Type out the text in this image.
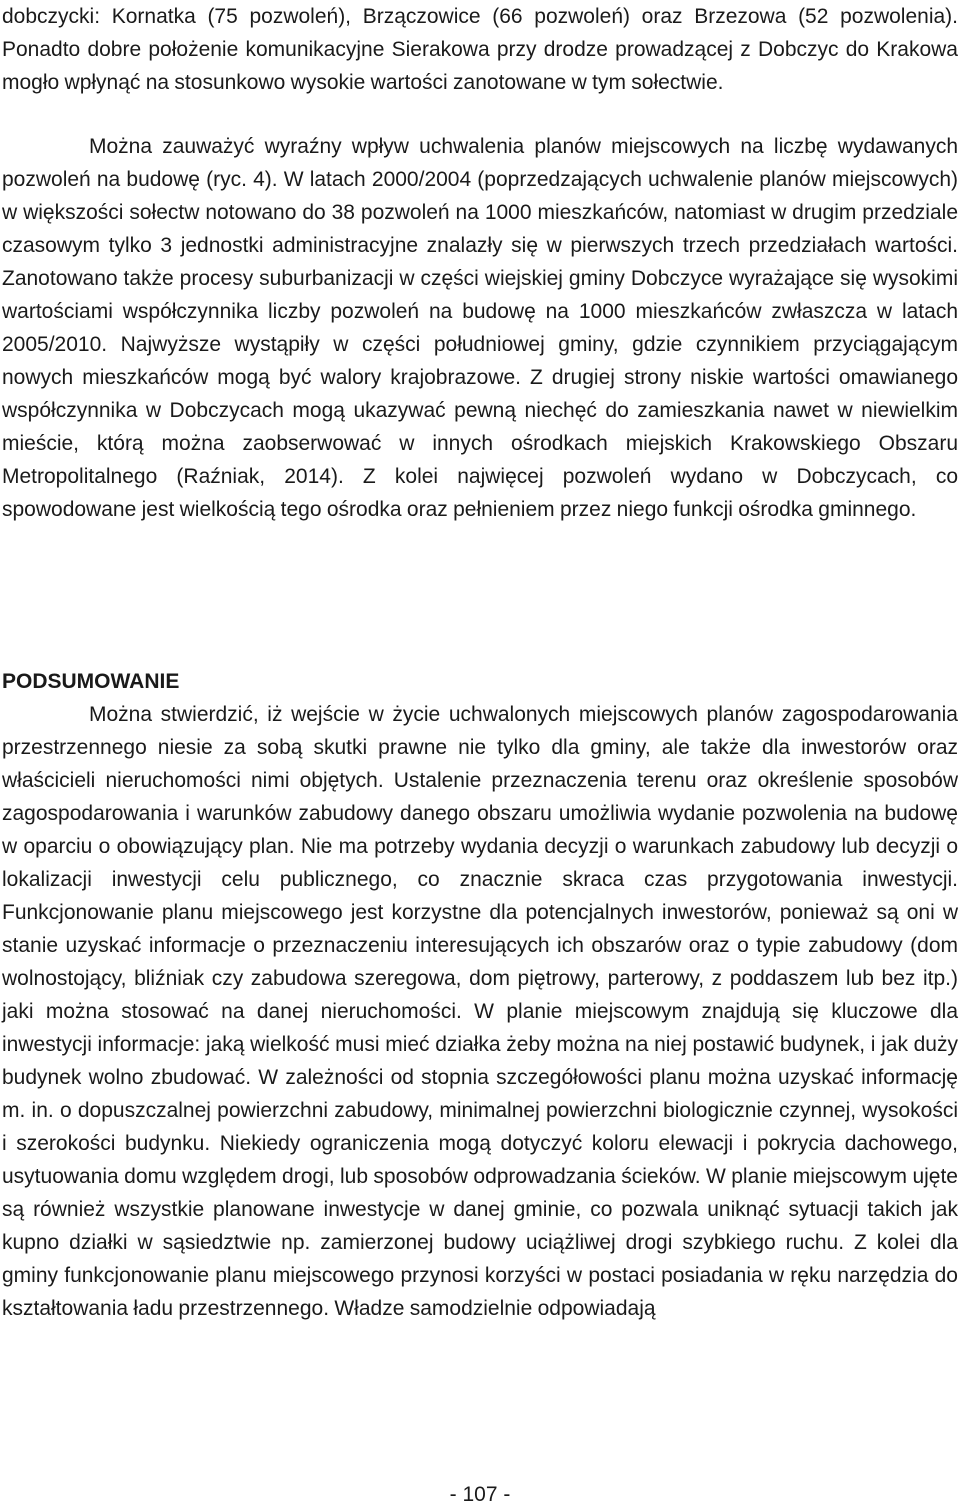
dobczycki: Kornatka (75 pozwoleń), Brzączowice (66 pozwoleń) oraz Brzezowa (52 pozwolenia). Ponadto dobre położenie komunikacyjne Sierakowa przy drodze prowadzącej z Dobczyc do Krakowa mogło wpłynąć na stosunkowo wysokie wartości zanotowane w tym sołectwie.

Można zauważyć wyraźny wpływ uchwalenia planów miejscowych na liczbę wydawanych pozwoleń na budowę (ryc. 4). W latach 2000/2004 (poprzedzających uchwalenie planów miejscowych) w większości sołectw notowano do 38 pozwoleń na 1000 mieszkańców, natomiast w drugim przedziale czasowym tylko 3 jednostki administracyjne znalazły się w pierwszych trzech przedziałach wartości. Zanotowano także procesy suburbanizacji w części wiejskiej gminy Dobczyce wyrażające się wysokimi wartościami współczynnika liczby pozwoleń na budowę na 1000 mieszkańców zwłaszcza w latach 2005/2010. Najwyższe wystąpiły w części południowej gminy, gdzie czynnikiem przyciągającym nowych mieszkańców mogą być walory krajobrazowe. Z drugiej strony niskie wartości omawianego współczynnika w Dobczycach mogą ukazywać pewną niechęć do zamieszkania nawet w niewielkim mieście, którą można zaobserwować w innych ośrodkach miejskich Krakowskiego Obszaru Metropolitalnego (Raźniak, 2014). Z kolei najwięcej pozwoleń wydano w Dobczycach, co spowodowane jest wielkością tego ośrodka oraz pełnieniem przez niego funkcji ośrodka gminnego.

PODSUMOWANIE

Można stwierdzić, iż wejście w życie uchwalonych miejscowych planów zagospodarowania przestrzennego niesie za sobą skutki prawne nie tylko dla gminy, ale także dla inwestorów oraz właścicieli nieruchomości nimi objętych. Ustalenie przeznaczenia terenu oraz określenie sposobów zagospodarowania i warunków zabudowy danego obszaru umożliwia wydanie pozwolenia na budowę w oparciu o obowiązujący plan. Nie ma potrzeby wydania decyzji o warunkach zabudowy lub decyzji o lokalizacji inwestycji celu publicznego, co znacznie skraca czas przygotowania inwestycji. Funkcjonowanie planu miejscowego jest korzystne dla potencjalnych inwestorów, ponieważ są oni w stanie uzyskać informacje o przeznaczeniu interesujących ich obszarów oraz o typie zabudowy (dom wolnostojący, bliźniak czy zabudowa szeregowa, dom piętrowy, parterowy, z poddaszem lub bez itp.) jaki można stosować na danej nieruchomości. W planie miejscowym znajdują się kluczowe dla inwestycji informacje: jaką wielkość musi mieć działka żeby można na niej postawić budynek, i jak duży budynek wolno zbudować. W zależności od stopnia szczegółowości planu można uzyskać informację m. in. o dopuszczalnej powierzchni zabudowy, minimalnej powierzchni biologicznie czynnej, wysokości i szerokości budynku. Niekiedy ograniczenia mogą dotyczyć koloru elewacji i pokrycia dachowego, usytuowania domu względem drogi, lub sposobów odprowadzania ścieków. W planie miejscowym ujęte są również wszystkie planowane inwestycje w danej gminie, co pozwala uniknąć sytuacji takich jak kupno działki w sąsiedztwie np. zamierzonej budowy uciążliwej drogi szybkiego ruchu. Z kolei dla gminy funkcjonowanie planu miejscowego przynosi korzyści w postaci posiadania w ręku narzędzia do kształtowania ładu przestrzennego. Władze samodzielnie odpowiadają

- 107 -
